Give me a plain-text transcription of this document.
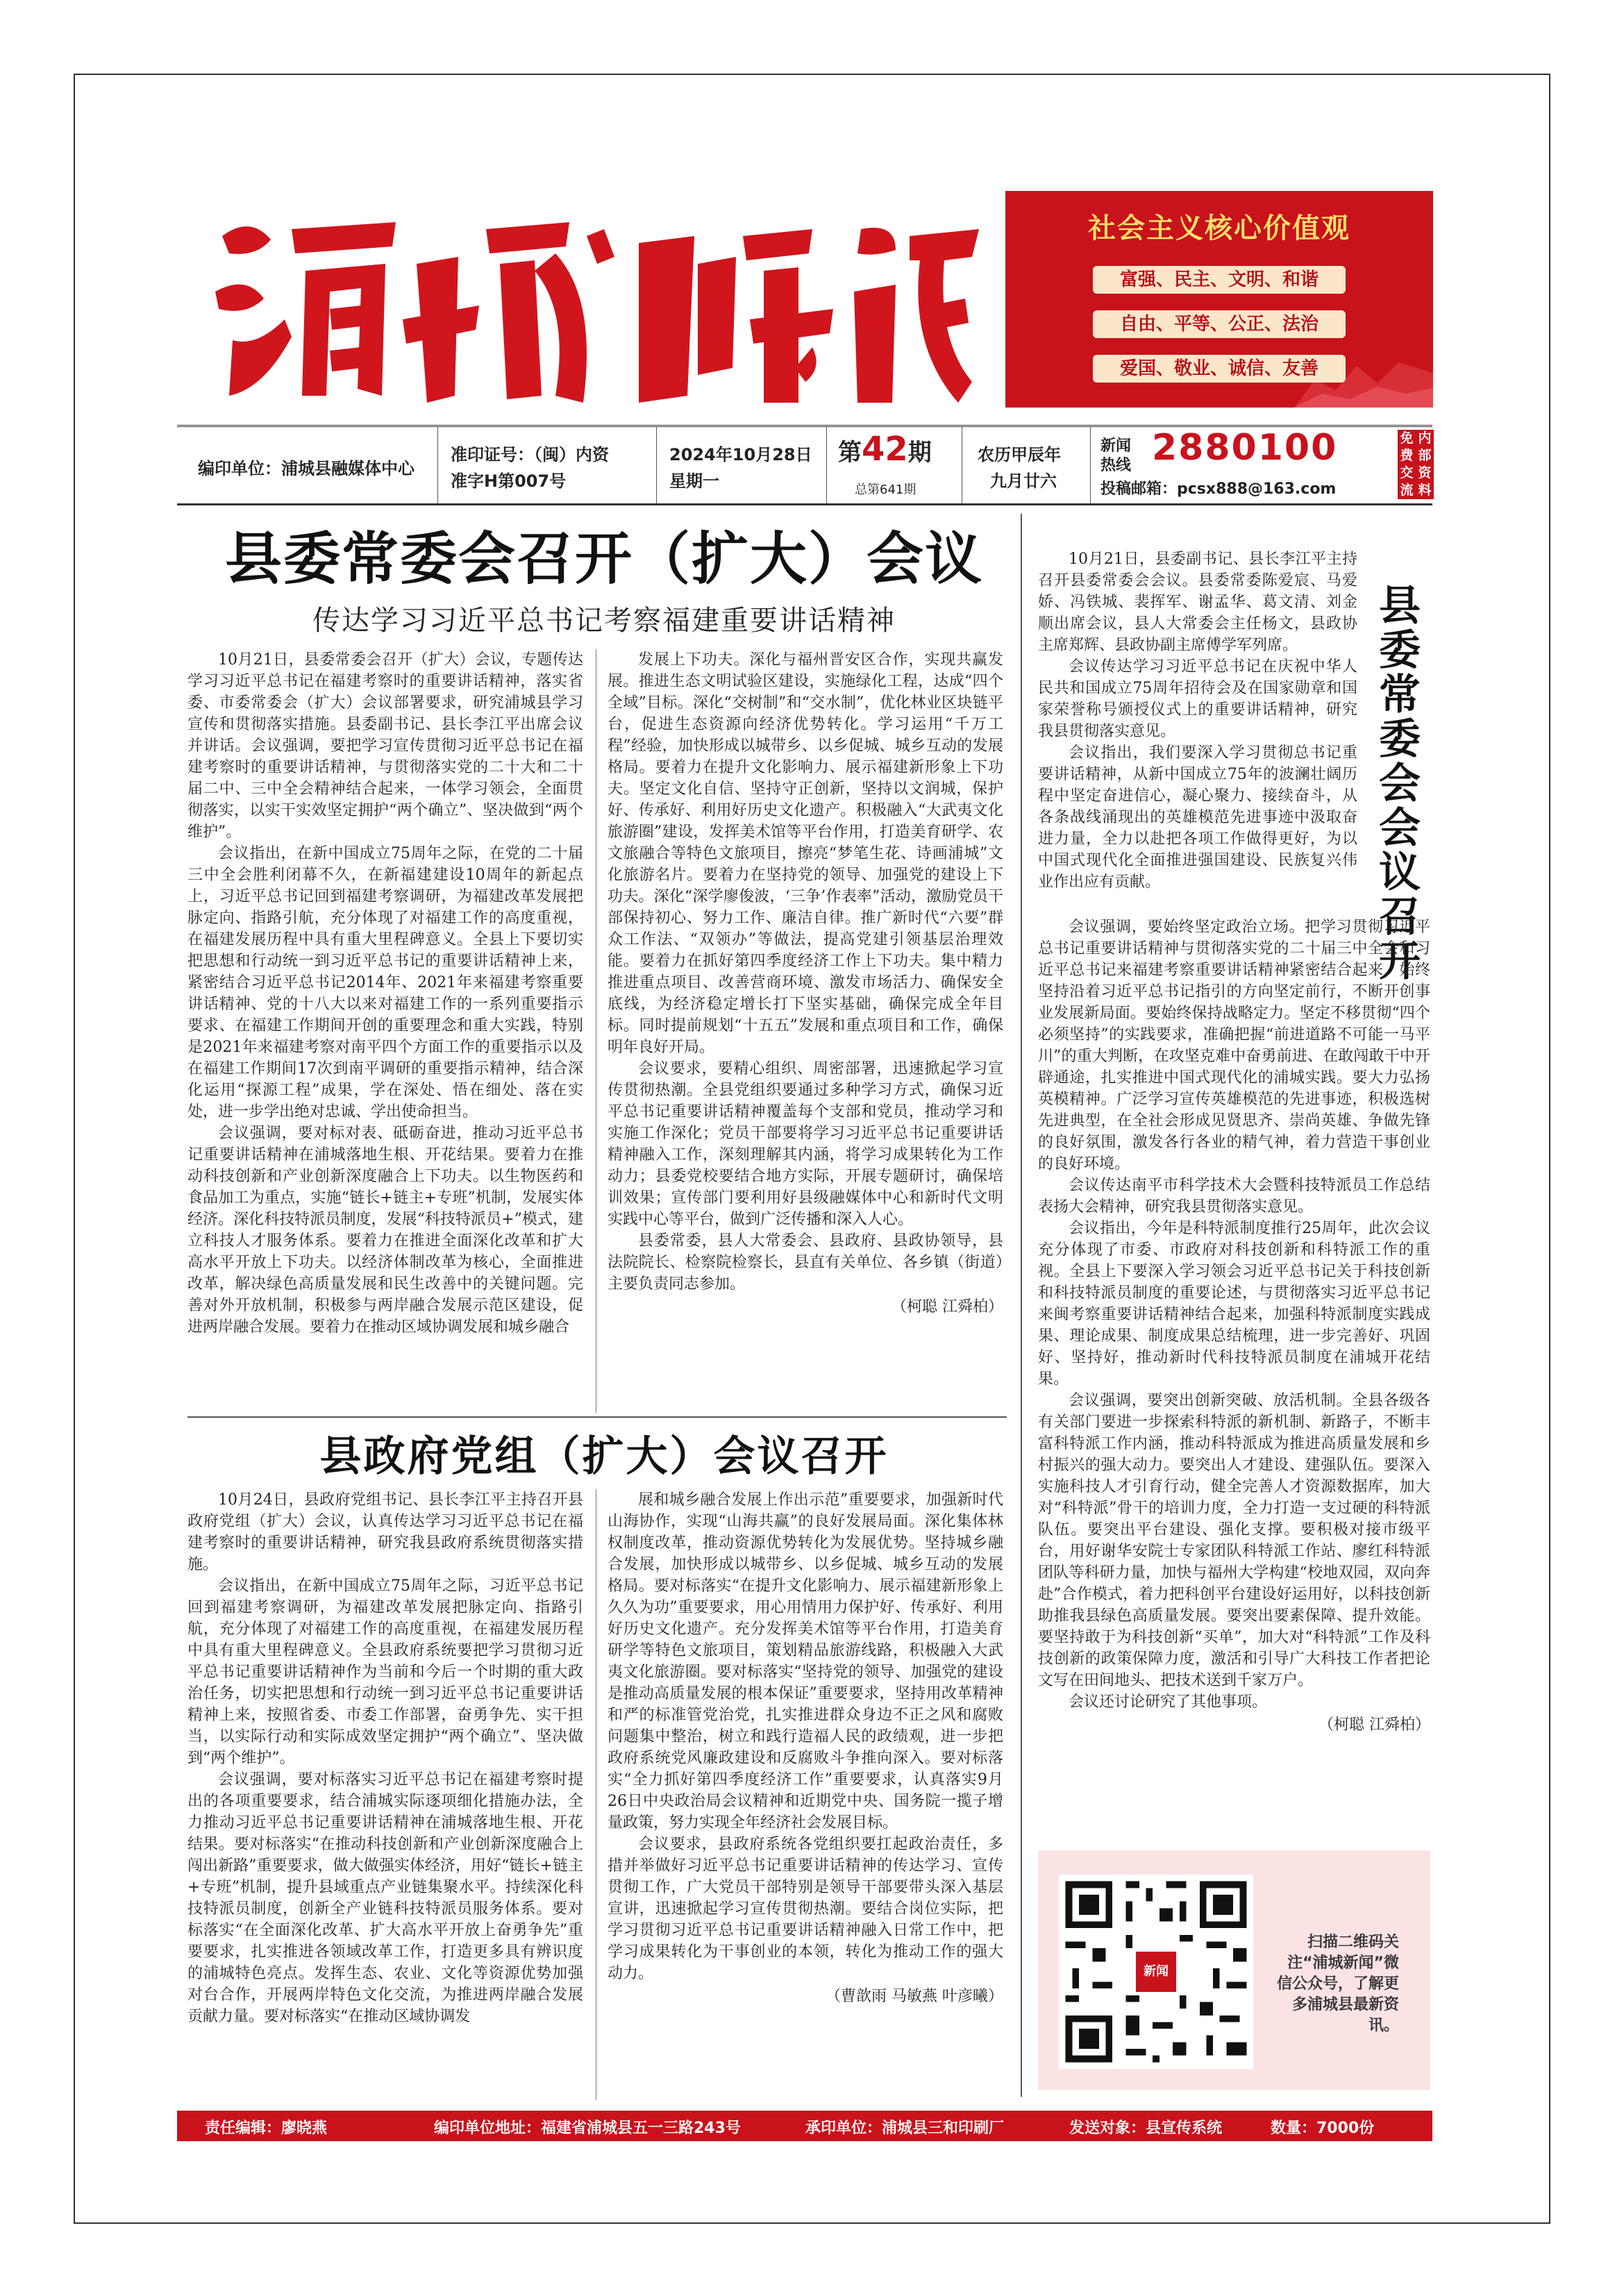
社会主义核心价值观
富强、民主、文明、和谐
自由、平等、公正、法治
爱国、敬业、诚信、友善
编印单位：浦城县融媒体中心
准印证号：（闽）内资
准字H第007号
2024年10月28日
星期一
第42期
总第641期
农历甲辰年
九月廿六
新闻
热线 2880100
投稿邮箱：pcsx888@163.com
免费交流
内部资料
县委常委会召开（扩大）会议
传达学习习近平总书记考察福建重要讲话精神

10月21日，县委常委会召开（扩大）会议，专题传达学习习近平总书记在福建考察时的重要讲话精神，落实省委、市委常委会（扩大）会议部署要求，研究浦城县学习宣传和贯彻落实措施。县委副书记、县长李江平出席会议并讲话。会议强调，要把学习宣传贯彻习近平总书记在福建考察时的重要讲话精神，与贯彻落实党的二十大和二十届二中、三中全会精神结合起来，一体学习领会，全面贯彻落实，以实干实效坚定拥护“两个确立”、坚决做到“两个维护”。

会议指出，在新中国成立75周年之际，在党的二十届三中全会胜利闭幕不久，在新福建建设10周年的新起点上，习近平总书记回到福建考察调研，为福建改革发展把脉定向、指路引航，充分体现了对福建工作的高度重视，在福建发展历程中具有重大里程碑意义。全县上下要切实把思想和行动统一到习近平总书记的重要讲话精神上来，紧密结合习近平总书记2014年、2021年来福建考察重要讲话精神、党的十八大以来对福建工作的一系列重要指示要求、在福建工作期间开创的重要理念和重大实践，特别是2021年来福建考察对南平四个方面工作的重要指示以及在福建工作期间17次到南平调研的重要指示精神，结合深化运用“探源工程”成果，学在深处、悟在细处、落在实处，进一步学出绝对忠诚、学出使命担当。

会议强调，要对标对表、砥砺奋进，推动习近平总书记重要讲话精神在浦城落地生根、开花结果。要着力在推动科技创新和产业创新深度融合上下功夫。以生物医药和食品加工为重点，实施“链长+链主+专班”机制，发展实体经济。深化科技特派员制度，发展“科技特派员+”模式，建立科技人才服务体系。要着力在推进全面深化改革和扩大高水平开放上下功夫。以经济体制改革为核心，全面推进改革，解决绿色高质量发展和民生改善中的关键问题。完善对外开放机制，积极参与两岸融合发展示范区建设，促进两岸融合发展。要着力在推动区域协调发展和城乡融合

发展上下功夫。深化与福州晋安区合作，实现共赢发展。推进生态文明试验区建设，实施绿化工程，达成“四个全域”目标。深化“交树制”和“交水制”，优化林业区块链平台，促进生态资源向经济优势转化。学习运用“千万工程”经验，加快形成以城带乡、以乡促城、城乡互动的发展格局。要着力在提升文化影响力、展示福建新形象上下功夫。坚定文化自信、坚持守正创新，坚持以文润城，保护好、传承好、利用好历史文化遗产。积极融入“大武夷文化旅游圈”建设，发挥美术馆等平台作用，打造美育研学、农文旅融合等特色文旅项目，擦亮“梦笔生花、诗画浦城”文化旅游名片。要着力在坚持党的领导、加强党的建设上下功夫。深化“深学廖俊波，‘三争’作表率”活动，激励党员干部保持初心、努力工作、廉洁自律。推广新时代“六要”群众工作法、“双领办”等做法，提高党建引领基层治理效能。要着力在抓好第四季度经济工作上下功夫。集中精力推进重点项目、改善营商环境、激发市场活力、确保安全底线，为经济稳定增长打下坚实基础，确保完成全年目标。同时提前规划“十五五”发展和重点项目和工作，确保明年良好开局。

会议要求，要精心组织、周密部署，迅速掀起学习宣传贯彻热潮。全县党组织要通过多种学习方式，确保习近平总书记重要讲话精神覆盖每个支部和党员，推动学习和实施工作深化；党员干部要将学习习近平总书记重要讲话精神融入工作，深刻理解其内涵，将学习成果转化为工作动力；县委党校要结合地方实际，开展专题研讨，确保培训效果；宣传部门要利用好县级融媒体中心和新时代文明实践中心等平台，做到广泛传播和深入人心。

县委常委，县人大常委会、县政府、县政协领导，县法院院长、检察院检察长，县直有关单位、各乡镇（街道）主要负责同志参加。

（柯聪 江舜柏）
县政府党组（扩大）会议召开

10月24日，县政府党组书记、县长李江平主持召开县政府党组（扩大）会议，认真传达学习习近平总书记在福建考察时的重要讲话精神，研究我县政府系统贯彻落实措施。

会议指出，在新中国成立75周年之际，习近平总书记回到福建考察调研，为福建改革发展把脉定向、指路引航，充分体现了对福建工作的高度重视，在福建发展历程中具有重大里程碑意义。全县政府系统要把学习贯彻习近平总书记重要讲话精神作为当前和今后一个时期的重大政治任务，切实把思想和行动统一到习近平总书记重要讲话精神上来，按照省委、市委工作部署，奋勇争先、实干担当，以实际行动和实际成效坚定拥护“两个确立”、坚决做到“两个维护”。

会议强调，要对标落实习近平总书记在福建考察时提出的各项重要要求，结合浦城实际逐项细化措施办法，全力推动习近平总书记重要讲话精神在浦城落地生根、开花结果。要对标落实“在推动科技创新和产业创新深度融合上闯出新路”重要要求，做大做强实体经济，用好“链长+链主+专班”机制，提升县域重点产业链集聚水平。持续深化科技特派员制度，创新全产业链科技特派员服务体系。要对标落实“在全面深化改革、扩大高水平开放上奋勇争先”重要要求，扎实推进各领域改革工作，打造更多具有辨识度的浦城特色亮点。发挥生态、农业、文化等资源优势加强对台合作，开展两岸特色文化交流，为推进两岸融合发展贡献力量。要对标落实“在推动区域协调发

展和城乡融合发展上作出示范”重要要求，加强新时代山海协作，实现“山海共赢”的良好发展局面。深化集体林权制度改革，推动资源优势转化为发展优势。坚持城乡融合发展，加快形成以城带乡、以乡促城、城乡互动的发展格局。要对标落实“在提升文化影响力、展示福建新形象上久久为功”重要要求，用心用情用力保护好、传承好、利用好历史文化遗产。充分发挥美术馆等平台作用，打造美育研学等特色文旅项目，策划精品旅游线路，积极融入大武夷文化旅游圈。要对标落实“坚持党的领导、加强党的建设是推动高质量发展的根本保证”重要要求，坚持用改革精神和严的标准管党治党，扎实推进群众身边不正之风和腐败问题集中整治，树立和践行造福人民的政绩观，进一步把政府系统党风廉政建设和反腐败斗争推向深入。要对标落实“全力抓好第四季度经济工作”重要要求，认真落实9月26日中央政治局会议精神和近期党中央、国务院一揽子增量政策，努力实现全年经济社会发展目标。

会议要求，县政府系统各党组织要扛起政治责任，多措并举做好习近平总书记重要讲话精神的传达学习、宣传贯彻工作，广大党员干部特别是领导干部要带头深入基层宣讲，迅速掀起学习宣传贯彻热潮。要结合岗位实际，把学习贯彻习近平总书记重要讲话精神融入日常工作中，把学习成果转化为干事创业的本领，转化为推动工作的强大动力。

（曹歆雨 马敏燕 叶彦曦）
县委常委会会议召开

10月21日，县委副书记、县长李江平主持召开县委常委会会议。县委常委陈爱宸、马爱娇、冯铁城、裴挥军、谢孟华、葛文清、刘金顺出席会议，县人大常委会主任杨文，县政协主席郑辉、县政协副主席傅学军列席。

会议传达学习习近平总书记在庆祝中华人民共和国成立75周年招待会及在国家勋章和国家荣誉称号颁授仪式上的重要讲话精神，研究我县贯彻落实意见。

会议指出，我们要深入学习贯彻总书记重要讲话精神，从新中国成立75年的波澜壮阔历程中坚定奋进信心，凝心聚力、接续奋斗，从各条战线涌现出的英雄模范先进事迹中汲取奋进力量，全力以赴把各项工作做得更好，为以中国式现代化全面推进强国建设、民族复兴伟业作出应有贡献。

会议强调，要始终坚定政治立场。把学习贯彻习近平总书记重要讲话精神与贯彻落实党的二十届三中全会和习近平总书记来福建考察重要讲话精神紧密结合起来，始终坚持沿着习近平总书记指引的方向坚定前行，不断开创事业发展新局面。要始终保持战略定力。坚定不移贯彻“四个必须坚持”的实践要求，准确把握“前进道路不可能一马平川”的重大判断，在攻坚克难中奋勇前进、在敢闯敢干中开辟通途，扎实推进中国式现代化的浦城实践。要大力弘扬英模精神。广泛学习宣传英雄模范的先进事迹，积极选树先进典型，在全社会形成见贤思齐、崇尚英雄、争做先锋的良好氛围，激发各行各业的精气神，着力营造干事创业的良好环境。

会议传达南平市科学技术大会暨科技特派员工作总结表扬大会精神，研究我县贯彻落实意见。

会议指出，今年是科特派制度推行25周年，此次会议充分体现了市委、市政府对科技创新和科特派工作的重视。全县上下要深入学习领会习近平总书记关于科技创新和科技特派员制度的重要论述，与贯彻落实习近平总书记来闽考察重要讲话精神结合起来，加强科特派制度实践成果、理论成果、制度成果总结梳理，进一步完善好、巩固好、坚持好，推动新时代科技特派员制度在浦城开花结果。

会议强调，要突出创新突破、放活机制。全县各级各有关部门要进一步探索科特派的新机制、新路子，不断丰富科特派工作内涵，推动科特派成为推进高质量发展和乡村振兴的强大动力。要突出人才建设、建强队伍。要深入实施科技人才引育行动，健全完善人才资源数据库，加大对“科特派”骨干的培训力度，全力打造一支过硬的科特派队伍。要突出平台建设、强化支撑。要积极对接市级平台，用好谢华安院士专家团队科特派工作站、廖红科特派团队等科研力量，加快与福州大学构建“校地双园，双向奔赴”合作模式，着力把科创平台建设好运用好，以科技创新助推我县绿色高质量发展。要突出要素保障、提升效能。要坚持敢于为科技创新“买单”，加大对“科特派”工作及科技创新的政策保障力度，激活和引导广大科技工作者把论文写在田间地头、把技术送到千家万户。

会议还讨论研究了其他事项。

（柯聪 江舜柏）
新闻
扫描二维码关注“浦城新闻”微信公众号，了解更多浦城县最新资讯。
责任编辑：廖晓燕	编印单位地址：福建省浦城县五一三路243号	承印单位：浦城县三和印刷厂	发送对象：县宣传系统	数量：7000份
